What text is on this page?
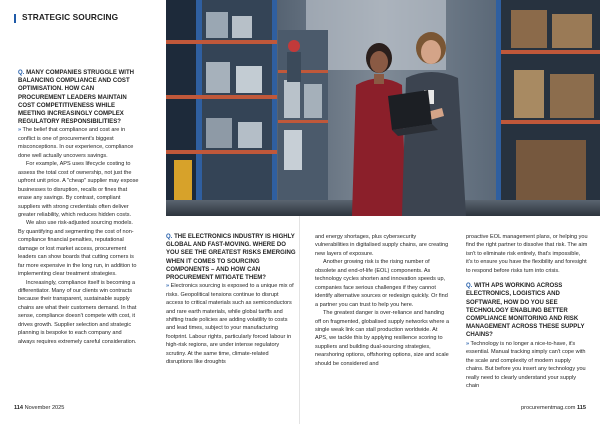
STRATEGIC SOURCING

Q. MANY COMPANIES STRUGGLE WITH BALANCING COMPLIANCE AND COST OPTIMISATION. HOW CAN PROCUREMENT LEADERS MAINTAIN COST COMPETITIVENESS WHILE MEETING INCREASINGLY COMPLEX REGULATORY RESPONSIBILITIES?

» The belief that compliance and cost are in conflict is one of procurement's biggest misconceptions. In our experience, compliance done well actually uncovers savings.

For example, APS uses lifecycle costing to assess the total cost of ownership, not just the upfront unit price. A "cheap" supplier may expose businesses to disruption, recalls or fines that erase any savings. By contrast, compliant suppliers with strong credentials often deliver greater reliability, which reduces hidden costs.

We also use risk-adjusted sourcing models. By quantifying and segmenting the cost of non-compliance financial penalties, reputational damage or lost market access, procurement leaders can show boards that cutting corners is far more expensive in the long run, in addition to implementing clear treatment strategies.

Increasingly, compliance itself is becoming a differentiator. Many of our clients win contracts because their transparent, sustainable supply chains are what their customers demand. In that sense, compliance doesn't compete with cost, it drives growth. Supplier selection and strategic planning is bespoke to each company and always requires extremely careful consideration.

Q. THE ELECTRONICS INDUSTRY IS HIGHLY GLOBAL AND FAST-MOVING. WHERE DO YOU SEE THE GREATEST RISKS EMERGING WHEN IT COMES TO SOURCING COMPONENTS – AND HOW CAN PROCUREMENT MITIGATE THEM?

» Electronics sourcing is exposed to a unique mix of risks. Geopolitical tensions continue to disrupt access to critical materials such as semiconductors and rare earth materials, while global tariffs and shifting trade policies are adding volatility to costs and lead times, subject to your manufacturing footprint. Labour rights, particularly forced labour in high-risk regions, are under intense regulatory scrutiny. At the same time, climate-related disruptions like droughts

and energy shortages, plus cybersecurity vulnerabilities in digitalised supply chains, are creating new layers of exposure.

Another growing risk is the rising number of obsolete and end-of-life (EOL) components. As technology cycles shorten and innovation speeds up, companies face serious challenges if they cannot identify alternative sources or redesign quickly. Or find a partner you can trust to help you here.

The greatest danger is over-reliance and handing off on fragmented, globalised supply networks where a single weak link can stall production worldwide. At APS, we tackle this by applying resilience scoring to suppliers and building dual-sourcing strategies, nearshoring options, offshoring options, size and scale should be considered and

proactive EOL management plans, or helping you find the right partner to dissolve that risk. The aim isn't to eliminate risk entirely, that's impossible, it's to ensure you have the flexibility and foresight to respond before risks turn into crisis.

Q. WITH APS WORKING ACROSS ELECTRONICS, LOGISTICS AND SOFTWARE, HOW DO YOU SEE TECHNOLOGY ENABLING BETTER COMPLIANCE MONITORING AND RISK MANAGEMENT ACROSS THESE SUPPLY CHAINS?

» Technology is no longer a nice-to-have, it's essential. Manual tracking simply can't cope with the scale and complexity of modern supply chains. But before you insert any technology you really need to clearly understand your supply chain

114 November 2025	procurementmag.com 115
